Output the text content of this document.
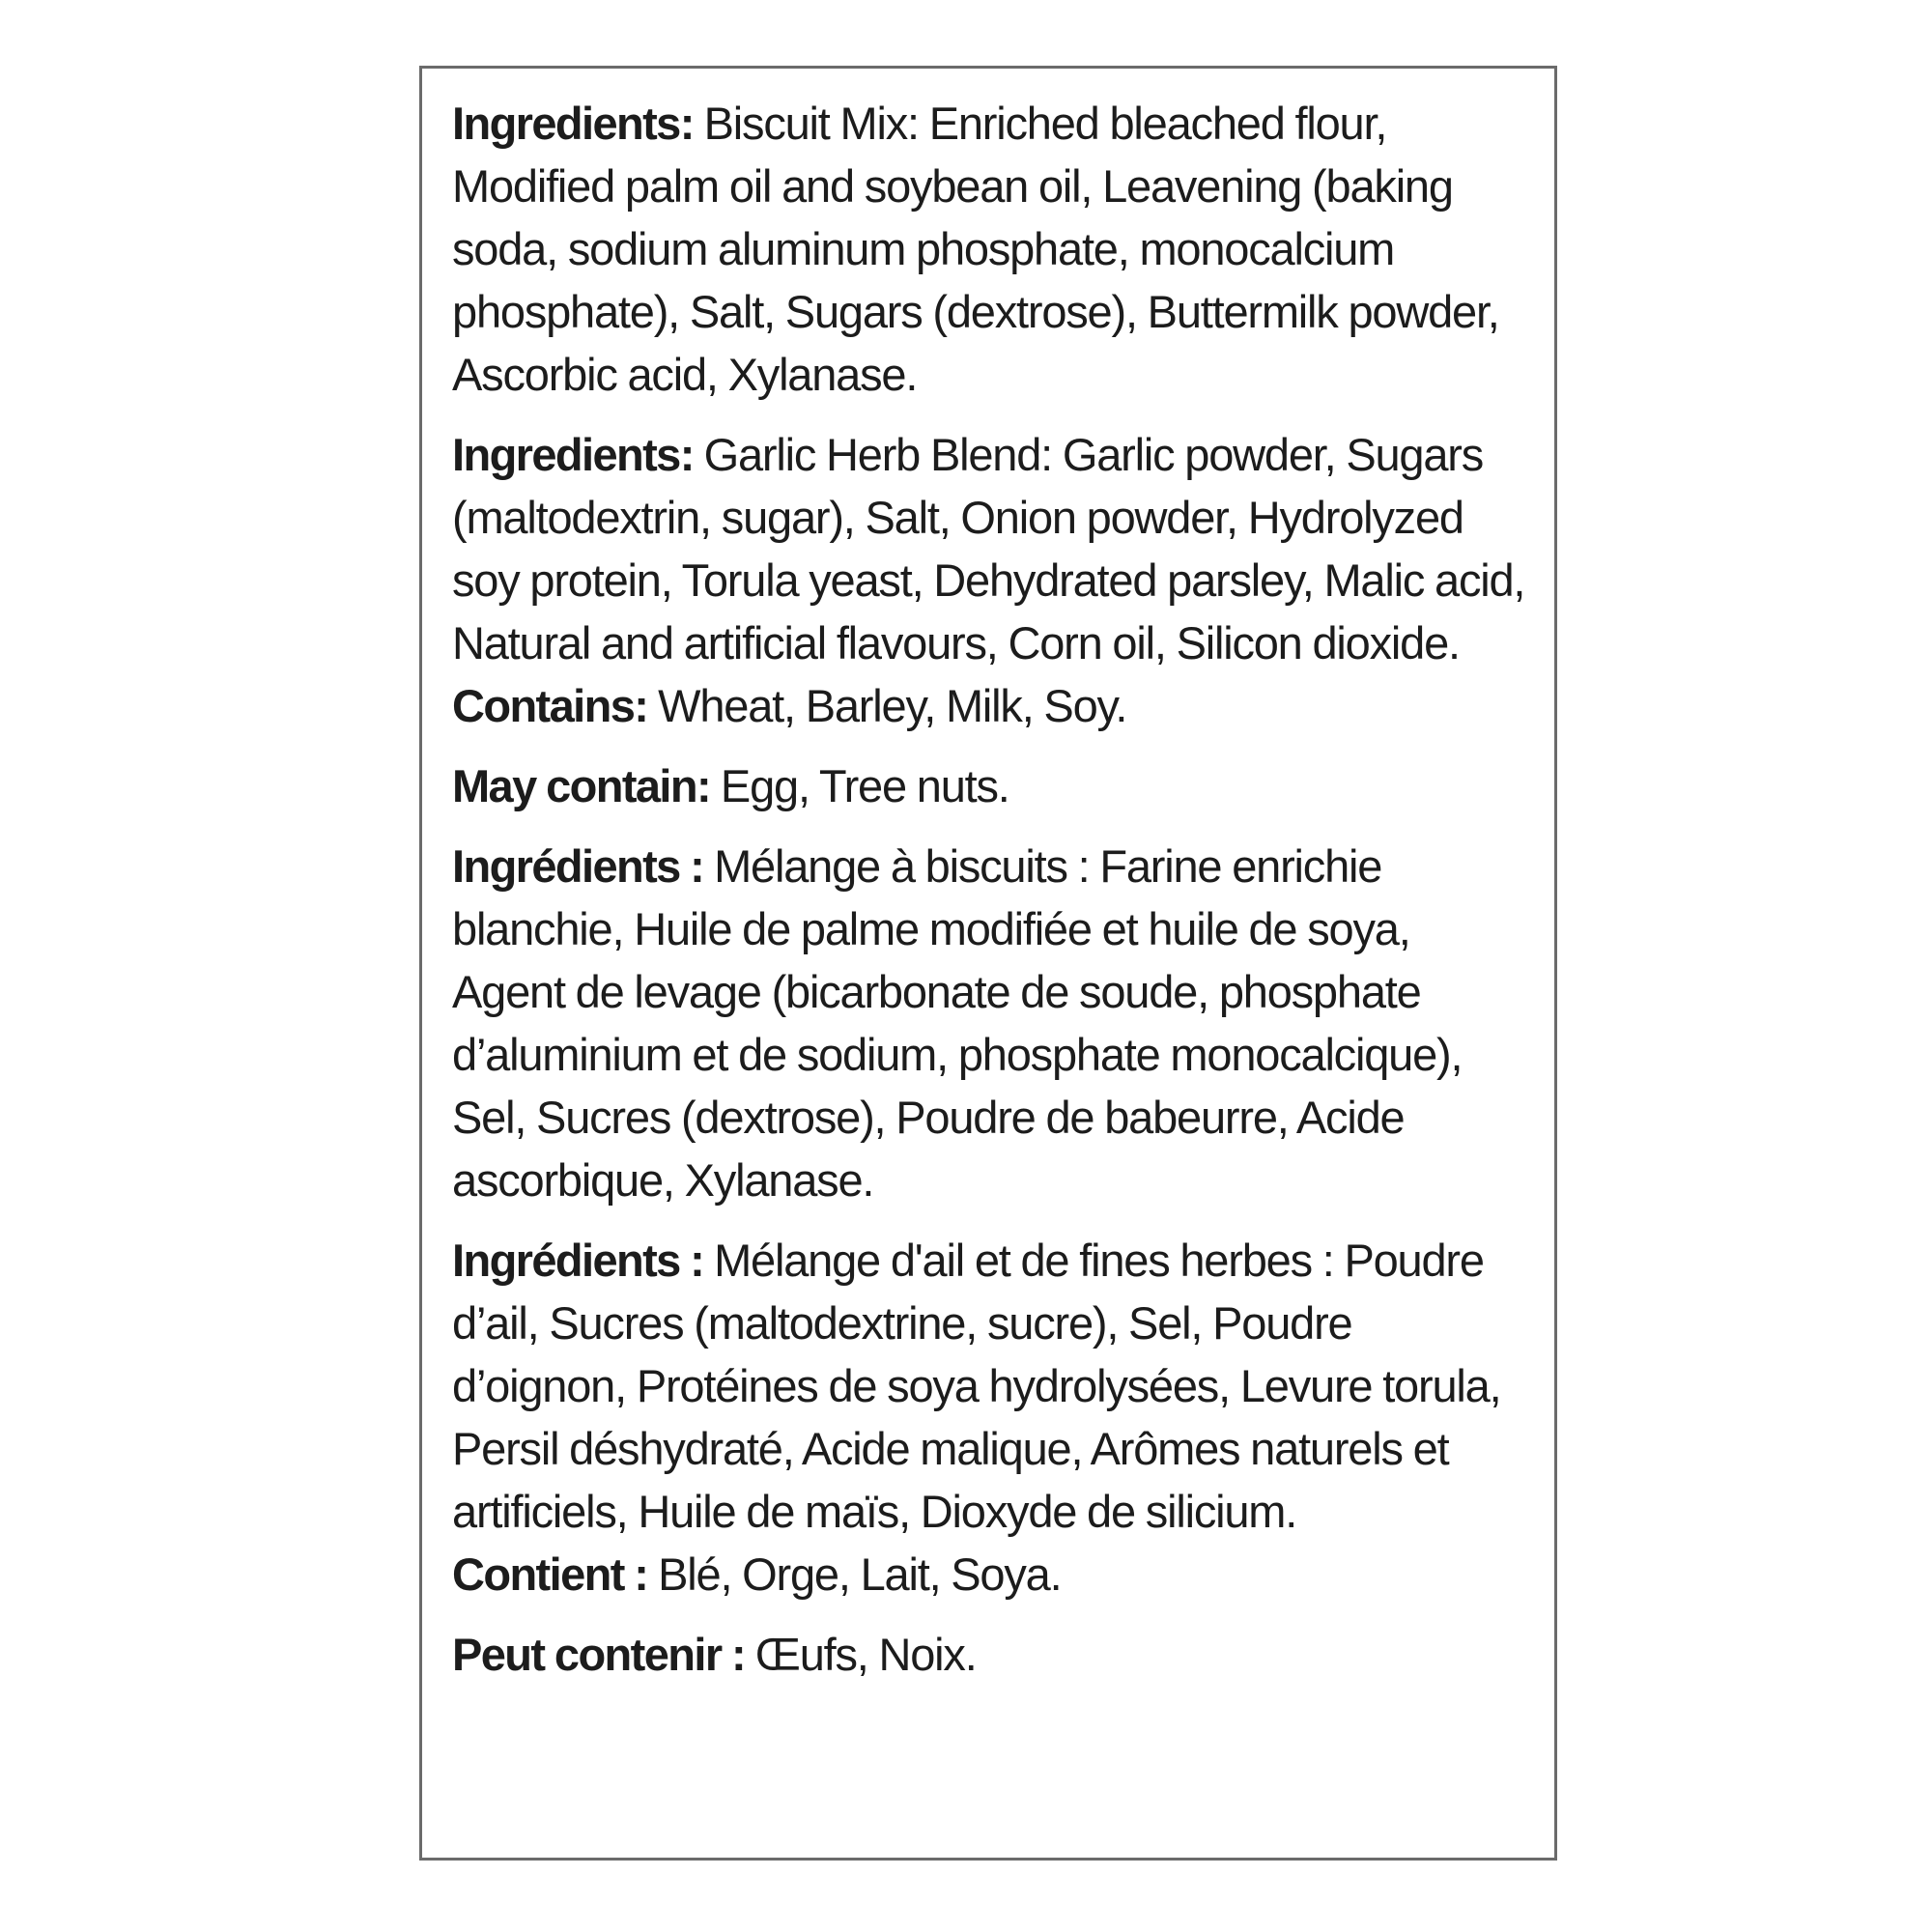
Ingredients: Biscuit Mix: Enriched bleached flour, Modified palm oil and soybean oil, Leavening (baking soda, sodium aluminum phosphate, monocalcium phosphate), Salt, Sugars (dextrose), Buttermilk powder, Ascorbic acid, Xylanase.

Ingredients: Garlic Herb Blend: Garlic powder, Sugars (maltodextrin, sugar), Salt, Onion powder, Hydrolyzed soy protein, Torula yeast, Dehydrated parsley, Malic acid, Natural and artificial flavours, Corn oil, Silicon dioxide.

Contains: Wheat, Barley, Milk, Soy.

May contain: Egg, Tree nuts.

Ingrédients : Mélange à biscuits : Farine enrichie blanchie, Huile de palme modifiée et huile de soya, Agent de levage (bicarbonate de soude, phosphate d’aluminium et de sodium, phosphate monocalcique), Sel, Sucres (dextrose), Poudre de babeurre, Acide ascorbique, Xylanase.

Ingrédients : Mélange d'ail et de fines herbes : Poudre d’ail, Sucres (maltodextrine, sucre), Sel, Poudre d’oignon, Protéines de soya hydrolysées, Levure torula, Persil déshydraté, Acide malique, Arômes naturels et artificiels, Huile de maïs, Dioxyde de silicium.

Contient : Blé, Orge, Lait, Soya.

Peut contenir : Œufs, Noix.
